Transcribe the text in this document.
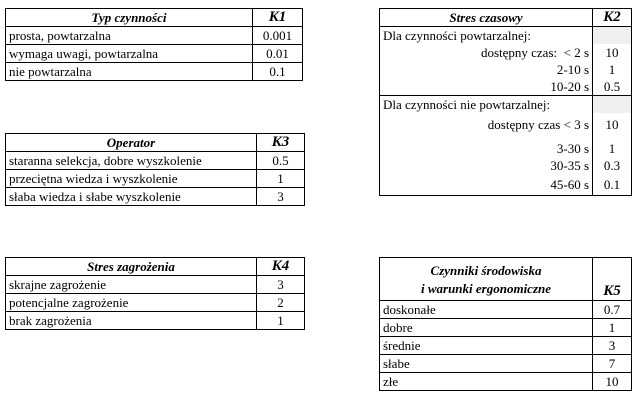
Typ czynności	K1
prosta, powtarzalna	0.001
wymaga uwagi, powtarzalna	0.01
nie powtarzalna	0.1
Operator	K3
staranna selekcja, dobre wyszkolenie	0.5
przeciętna wiedza i wyszkolenie	1
słaba wiedza i słabe wyszkolenie	3
Stres zagrożenia	K4
skrajne zagrożenie	3
potencjalne zagrożenie	2
brak zagrożenia	1
Stres czasowy	K2
Dla czynności powtarzalnej:	
dostępny czas:  < 2 s	10
2-10 s	1
10-20 s	0.5
Dla czynności nie powtarzalnej:	
dostępny czas < 3 s	10
3-30 s	1
30-35 s	0.3
45-60 s	0.1
Czynniki środowiska
i warunki ergonomiczne	K5
doskonałe	0.7
dobre	1
średnie	3
słabe	7
złe	10
